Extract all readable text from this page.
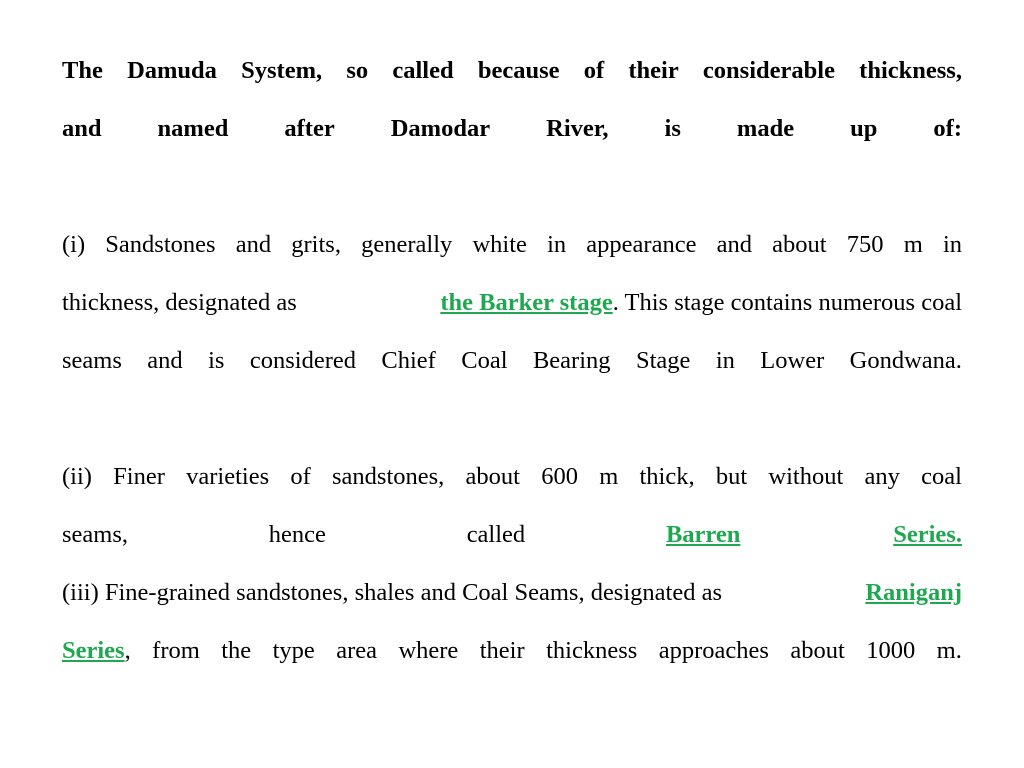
The Damuda System, so called because of their considerable thickness,
and named after Damodar River, is made up of:
(i) Sandstones and grits, generally white in appearance and about 750 m in
thickness, designated as	the Barker stage. This stage contains numerous coal
seams and is considered Chief Coal Bearing Stage in Lower Gondwana.
(ii) Finer varieties of sandstones, about 600 m thick, but without any coal
seams,	hence	called	Barren	Series.
(iii) Fine-grained sandstones, shales and Coal Seams, designated as	Raniganj
Series, from the type area where their thickness approaches about 1000 m.
